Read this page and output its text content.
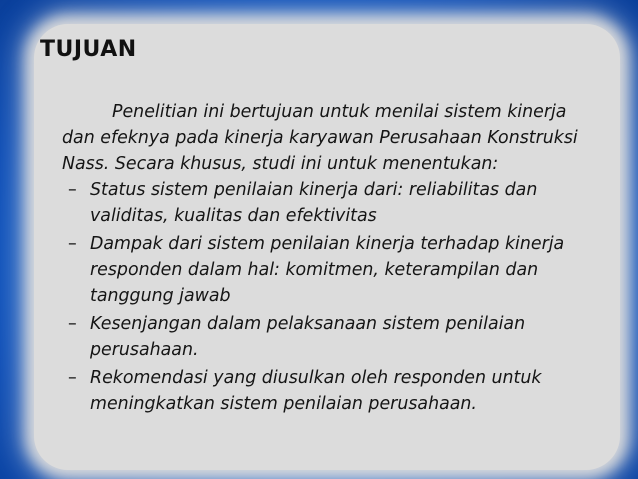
TUJUAN

Penelitian ini bertujuan untuk menilai sistem kinerja dan efeknya pada kinerja karyawan Perusahaan Konstruksi Nass. Secara khusus, studi ini untuk menentukan:

– Status sistem penilaian kinerja dari: reliabilitas dan validitas, kualitas dan efektivitas
– Dampak dari sistem penilaian kinerja terhadap kinerja responden dalam hal: komitmen, keterampilan dan tanggung jawab
– Kesenjangan dalam pelaksanaan sistem penilaian perusahaan.
– Rekomendasi yang diusulkan oleh responden untuk meningkatkan sistem penilaian perusahaan.
